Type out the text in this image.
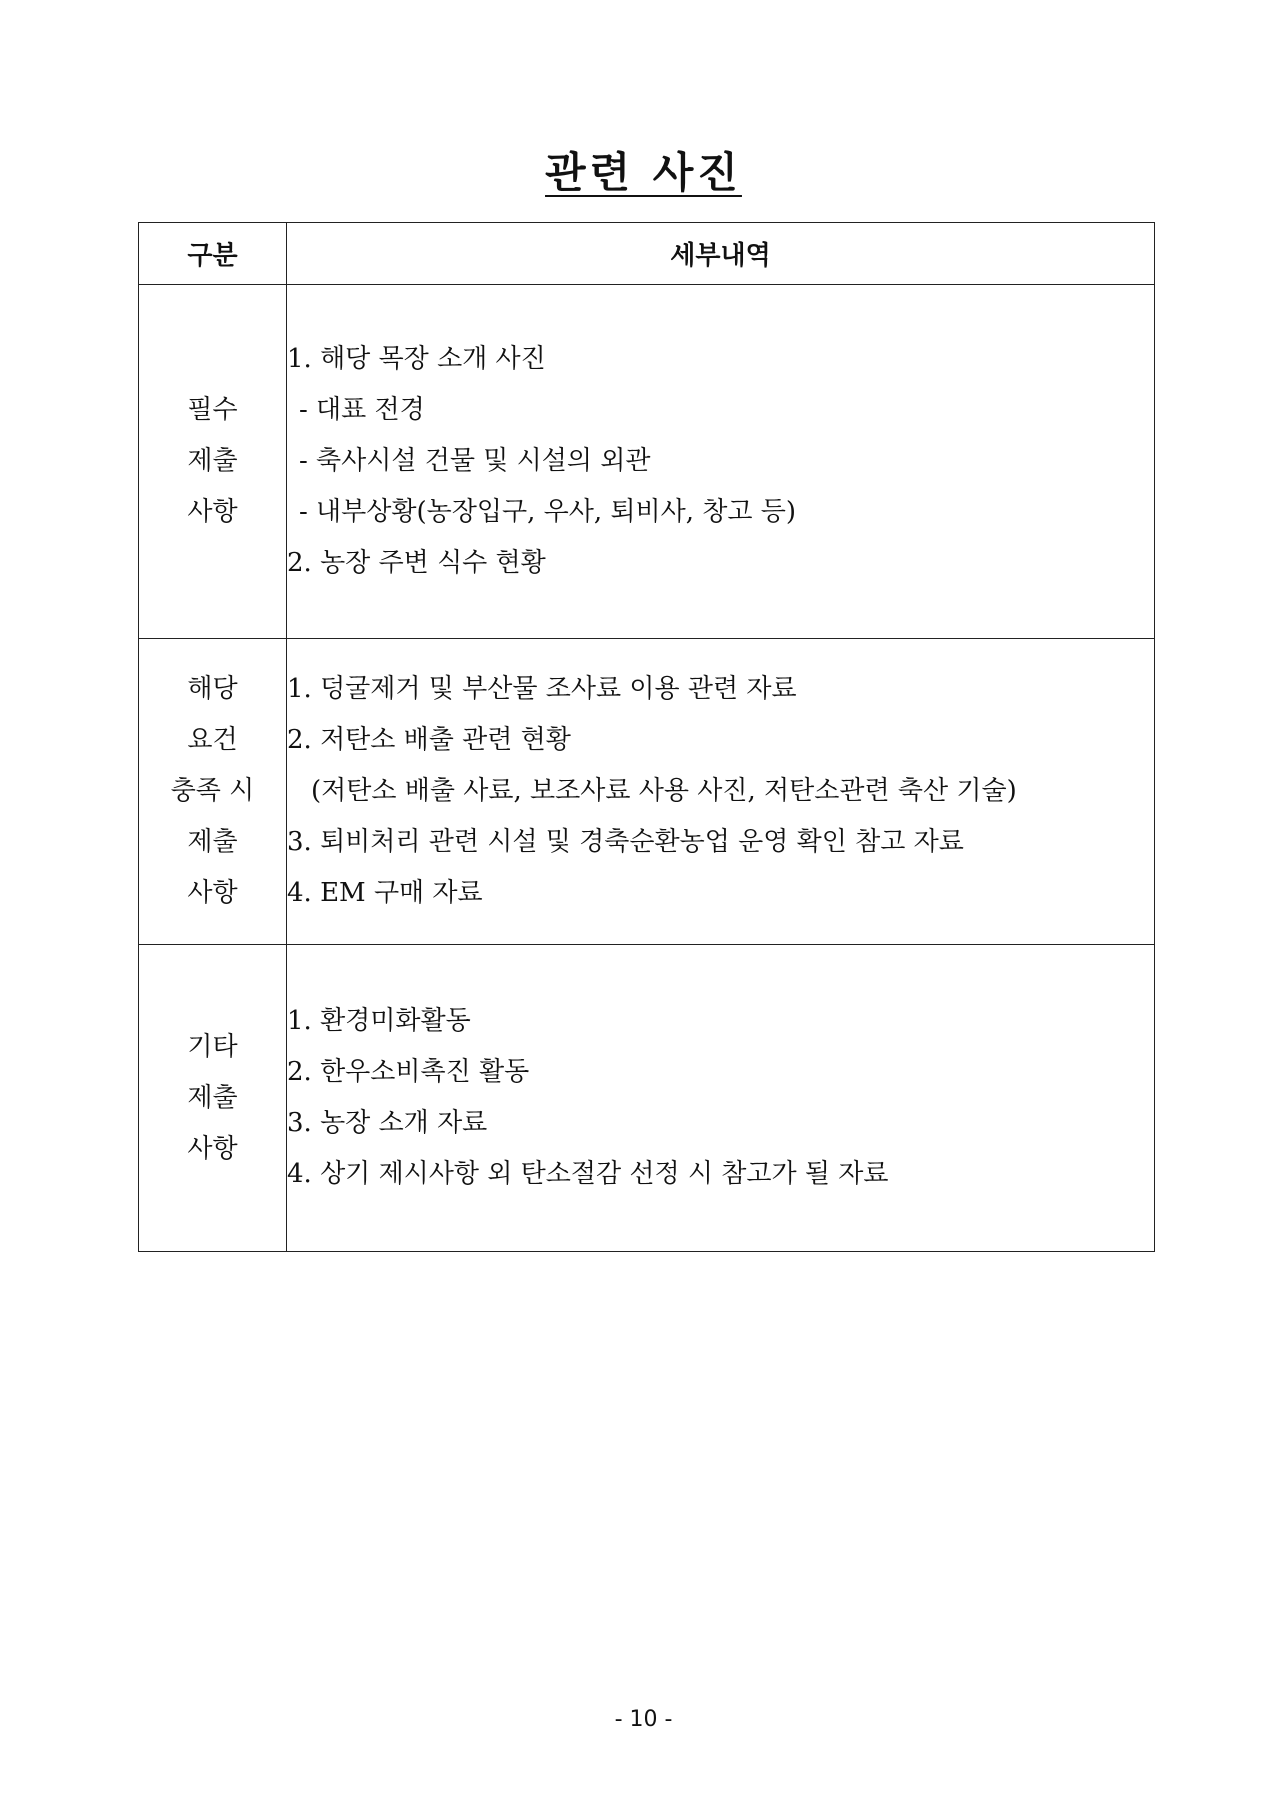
관련 사진
구분	세부내역

필수
제출
사항	1. 해당 목장 소개 사진
- 대표 전경
- 축사시설 건물 및 시설의 외관
- 내부상황(농장입구, 우사, 퇴비사, 창고 등)
2. 농장 주변 식수 현황

해당
요건
충족 시
제출
사항	1. 덩굴제거 및 부산물 조사료 이용 관련 자료
2. 저탄소 배출 관련 현황
(저탄소 배출 사료, 보조사료 사용 사진, 저탄소관련 축산 기술)
3. 퇴비처리 관련 시설 및 경축순환농업 운영 확인 참고 자료
4. EM 구매 자료

기타
제출
사항	1. 환경미화활동
2. 한우소비촉진 활동
3. 농장 소개 자료
4. 상기 제시사항 외 탄소절감 선정 시 참고가 될 자료
- 10 -
